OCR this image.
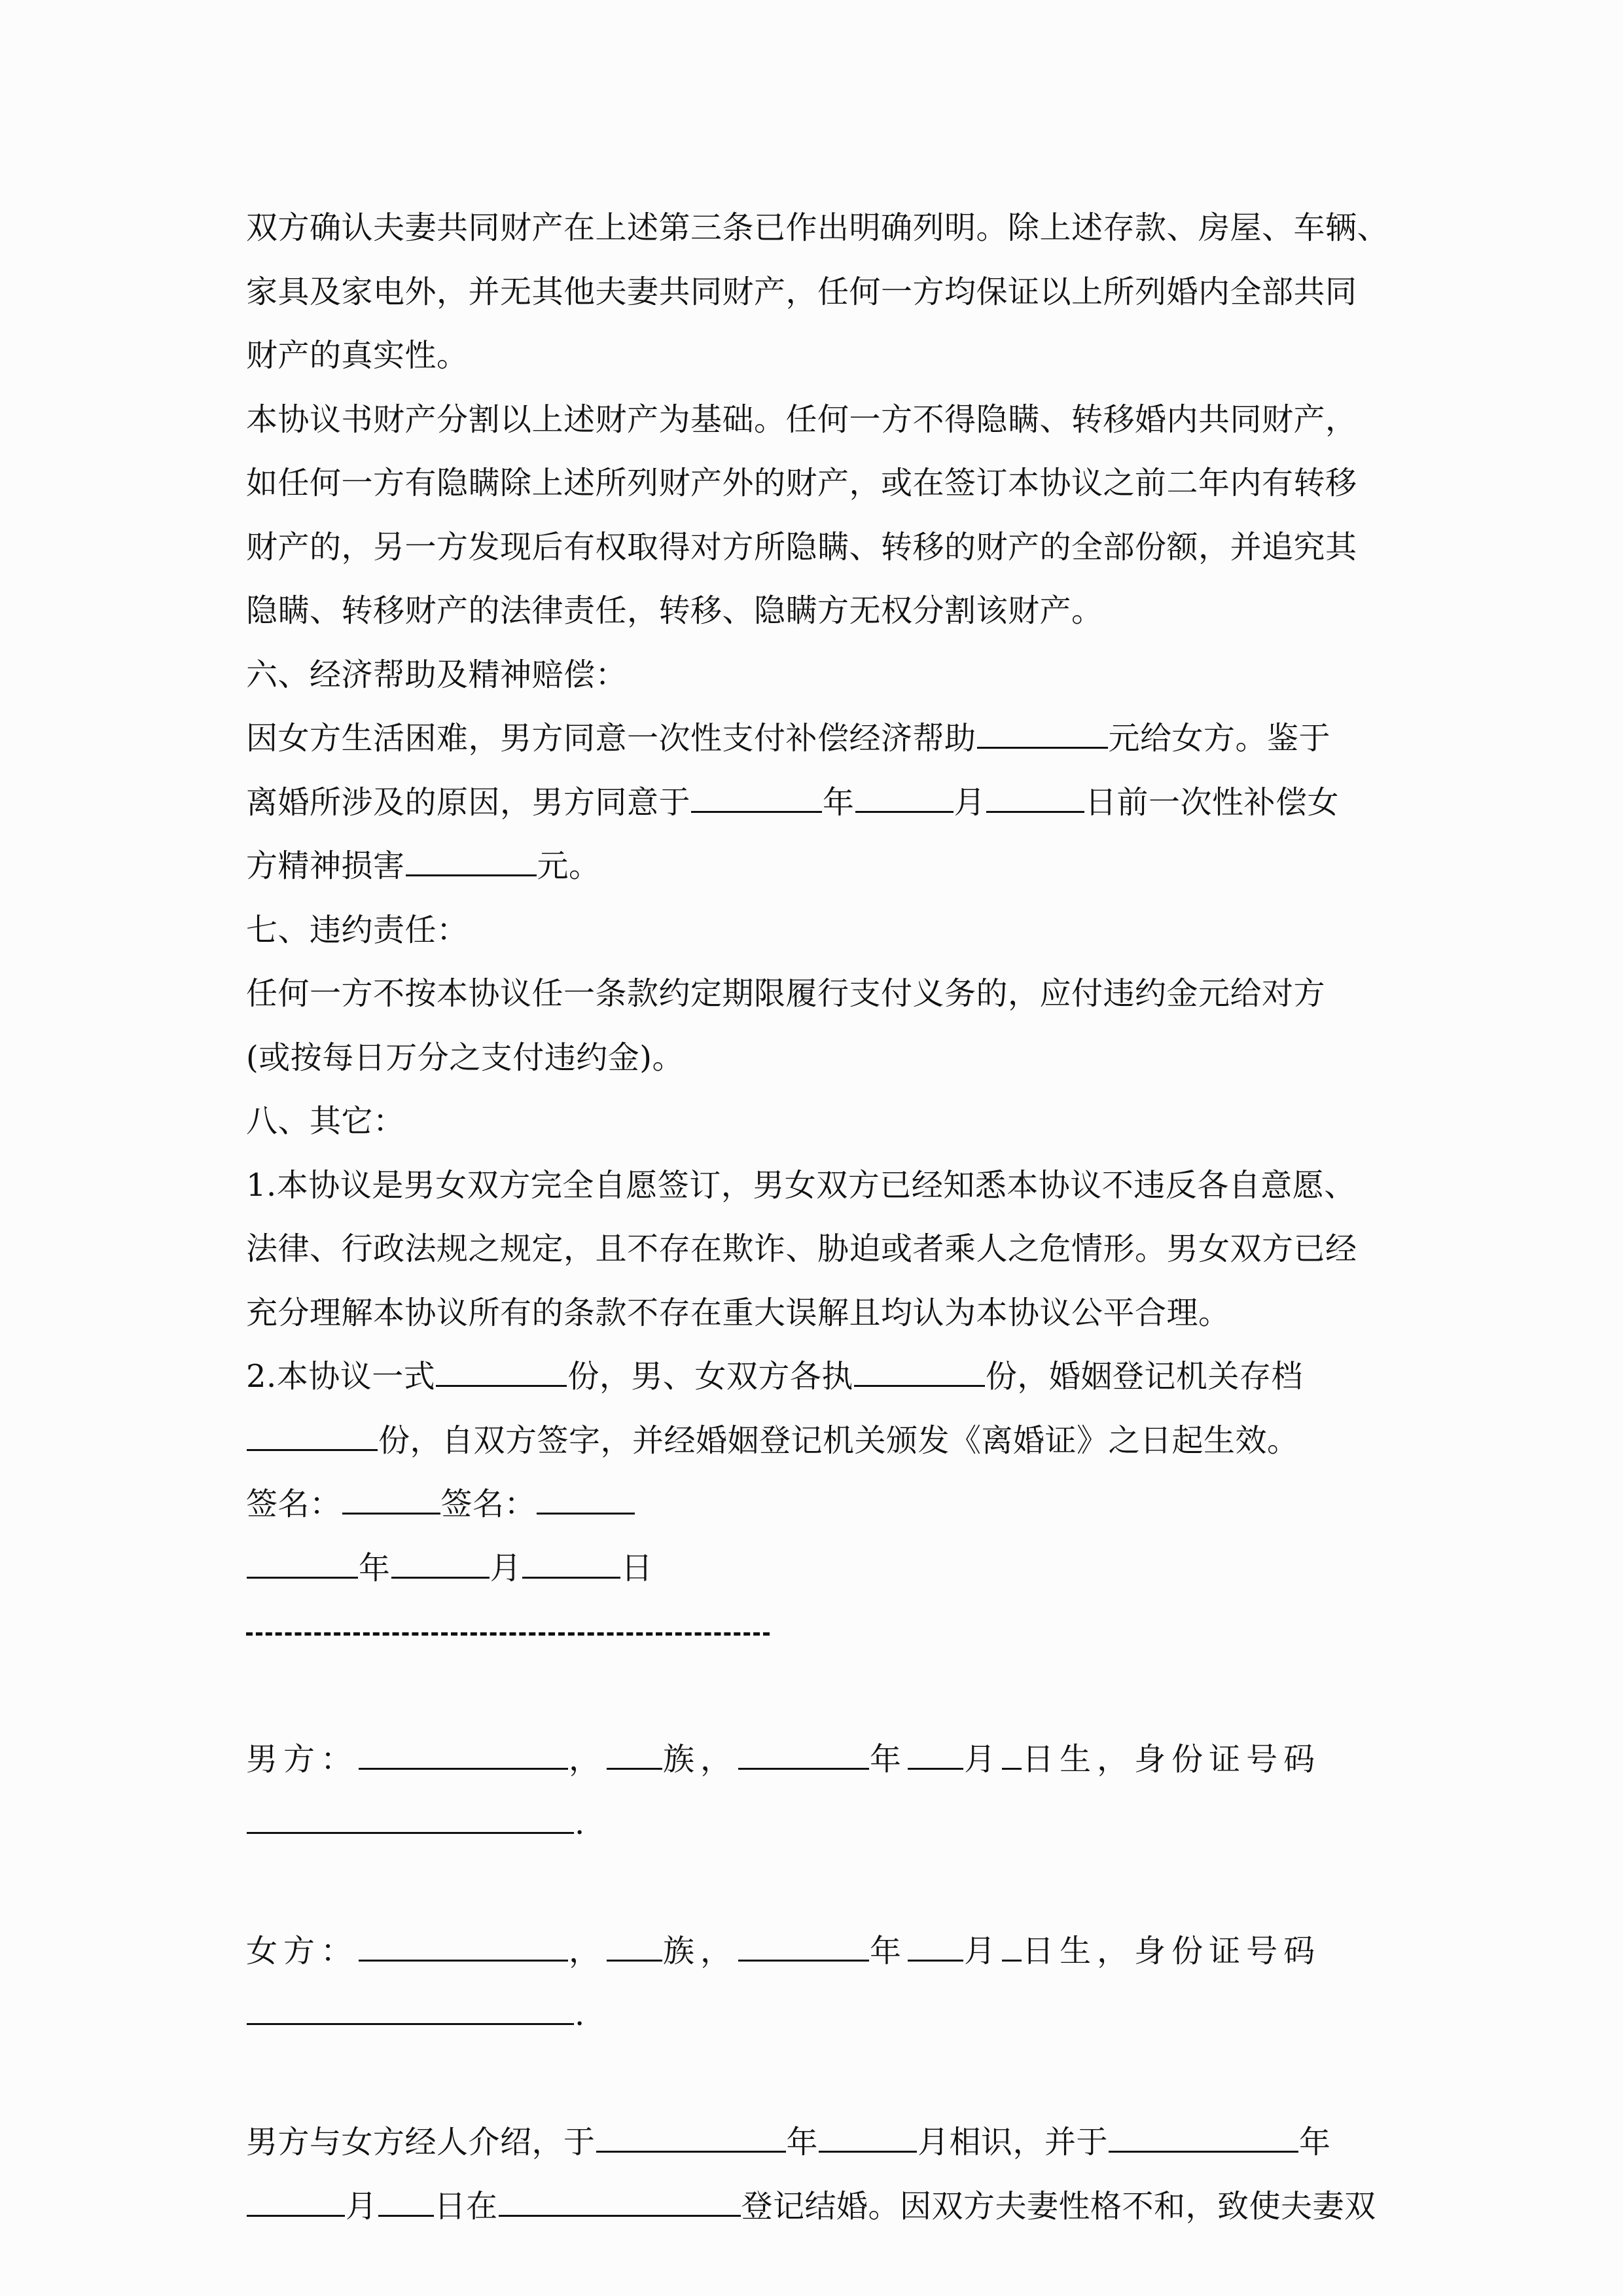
双方确认夫妻共同财产在上述第三条已作出明确列明。除上述存款、房屋、车辆、
家具及家电外，并无其他夫妻共同财产，任何一方均保证以上所列婚内全部共同
财产的真实性。
本协议书财产分割以上述财产为基础。任何一方不得隐瞒、转移婚内共同财产，
如任何一方有隐瞒除上述所列财产外的财产，或在签订本协议之前二年内有转移
财产的，另一方发现后有权取得对方所隐瞒、转移的财产的全部份额，并追究其
隐瞒、转移财产的法律责任，转移、隐瞒方无权分割该财产。
六、经济帮助及精神赔偿：
因女方生活困难，男方同意一次性支付补偿经济帮助	元给女方。鉴于
离婚所涉及的原因，男方同意于	年	月	日前一次性补偿女
方精神损害	元。
七、违约责任：
任何一方不按本协议任一条款约定期限履行支付义务的，应付违约金元给对方
(或按每日万分之支付违约金)。
八、其它：
1.本协议是男女双方完全自愿签订，男女双方已经知悉本协议不违反各自意愿、
法律、行政法规之规定，且不存在欺诈、胁迫或者乘人之危情形。男女双方已经
充分理解本协议所有的条款不存在重大误解且均认为本协议公平合理。
2.本协议一式	份，男、女双方各执	份，婚姻登记机关存档
份，自双方签字，并经婚姻登记机关颁发《离婚证》之日起生效。
签名：	签名：
年	月	日
男方：	， 族，	年 月 日生，身份证号码
.
女方：	， 族，	年 月 日生，身份证号码
.
男方与女方经人介绍，于	年	月相识，并于	年
月 日在	登记结婚。因双方夫妻性格不和，致使夫妻双
